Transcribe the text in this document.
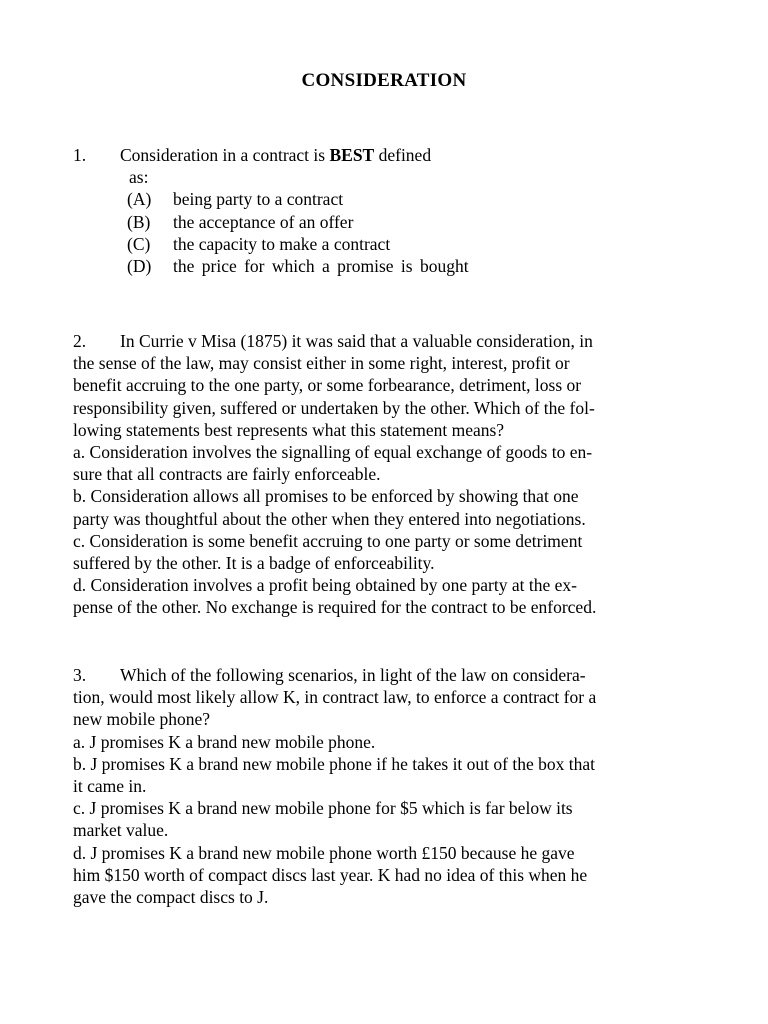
CONSIDERATION
1. Consideration in a contract is BEST defined
as:
(A) being party to a contract
(B) the acceptance of an offer
(C) the capacity to make a contract
(D) the price for which a promise is bought
2. In Currie v Misa (1875) it was said that a valuable consideration, in
the sense of the law, may consist either in some right, interest, profit or
benefit accruing to the one party, or some forbearance, detriment, loss or
responsibility given, suffered or undertaken by the other. Which of the fol-
lowing statements best represents what this statement means?
a. Consideration involves the signalling of equal exchange of goods to en-
sure that all contracts are fairly enforceable.
b. Consideration allows all promises to be enforced by showing that one
party was thoughtful about the other when they entered into negotiations.
c. Consideration is some benefit accruing to one party or some detriment
suffered by the other. It is a badge of enforceability.
d. Consideration involves a profit being obtained by one party at the ex-
pense of the other. No exchange is required for the contract to be enforced.
3. Which of the following scenarios, in light of the law on considera-
tion, would most likely allow K, in contract law, to enforce a contract for a
new mobile phone?
a. J promises K a brand new mobile phone.
b. J promises K a brand new mobile phone if he takes it out of the box that
it came in.
c. J promises K a brand new mobile phone for $5 which is far below its
market value.
d. J promises K a brand new mobile phone worth £150 because he gave
him $150 worth of compact discs last year. K had no idea of this when he
gave the compact discs to J.
